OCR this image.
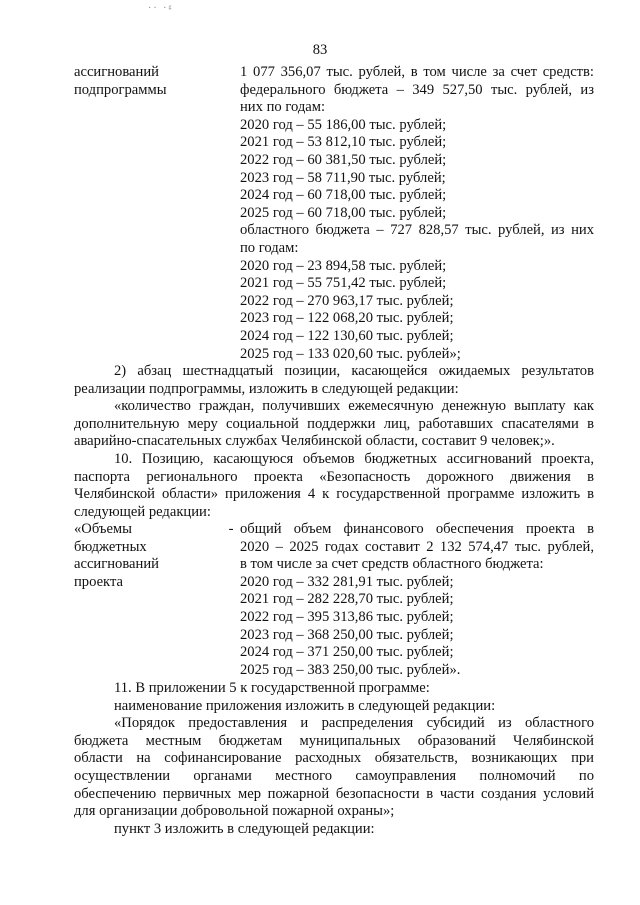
·· ·ᵍ
83
ассигнований
подпрограммы
1 077 356,07 тыс. рублей, в том числе за счет средств:
федерального бюджета – 349 527,50 тыс. рублей, из
них по годам:
2020 год – 55 186,00 тыс. рублей;
2021 год – 53 812,10 тыс. рублей;
2022 год – 60 381,50 тыс. рублей;
2023 год – 58 711,90 тыс. рублей;
2024 год – 60 718,00 тыс. рублей;
2025 год – 60 718,00 тыс. рублей;
областного бюджета – 727 828,57 тыс. рублей, из них
по годам:
2020 год – 23 894,58 тыс. рублей;
2021 год – 55 751,42 тыс. рублей;
2022 год – 270 963,17 тыс. рублей;
2023 год – 122 068,20 тыс. рублей;
2024 год – 122 130,60 тыс. рублей;
2025 год – 133 020,60 тыс. рублей»;
2) абзац шестнадцатый позиции, касающейся ожидаемых результатов
реализации подпрограммы, изложить в следующей редакции:
«количество граждан, получивших ежемесячную денежную выплату как
дополнительную меру социальной поддержки лиц, работавших спасателями в
аварийно-спасательных службах Челябинской области, составит 9 человек;».
10. Позицию, касающуюся объемов бюджетных ассигнований проекта,
паспорта регионального проекта «Безопасность дорожного движения в
Челябинской области» приложения 4 к государственной программе изложить в
следующей редакции:
«Объемы
бюджетных
ассигнований
проекта
- общий объем финансового обеспечения проекта в
2020 – 2025 годах составит 2 132 574,47 тыс. рублей,
в том числе за счет средств областного бюджета:
2020 год – 332 281,91 тыс. рублей;
2021 год – 282 228,70 тыс. рублей;
2022 год – 395 313,86 тыс. рублей;
2023 год – 368 250,00 тыс. рублей;
2024 год – 371 250,00 тыс. рублей;
2025 год – 383 250,00 тыс. рублей».
11. В приложении 5 к государственной программе:
наименование приложения изложить в следующей редакции:
«Порядок предоставления и распределения субсидий из областного
бюджета местным бюджетам муниципальных образований Челябинской
области на софинансирование расходных обязательств, возникающих при
осуществлении органами местного самоуправления полномочий по
обеспечению первичных мер пожарной безопасности в части создания условий
для организации добровольной пожарной охраны»;
пункт 3 изложить в следующей редакции:
